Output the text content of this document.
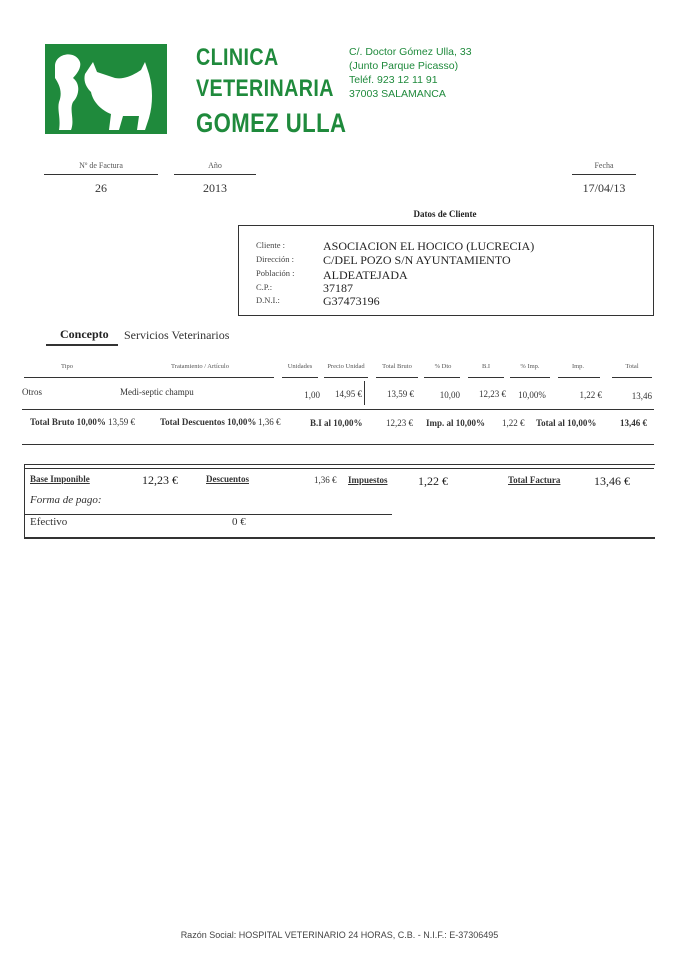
CLINICA
VETERINARIA
GOMEZ ULLA
C/. Doctor Gómez Ulla, 33
(Junto Parque Picasso)
Teléf. 923 12 11 91
37003 SALAMANCA
Nº de Factura
26
Año
2013
Fecha
17/04/13
Datos de Cliente
Cliente :	ASOCIACION EL HOCICO (LUCRECIA)
Dirección : C/DEL POZO S/N AYUNTAMIENTO
Población : ALDEATEJADA
C.P.:	37187
D.N.I.:	G37473196
Concepto Servicios Veterinarios
Tipo	Tratamiento / Artículo	Unidades	Precio Unidad	Total Bruto	% Dto	B.I	% Imp.	Imp.	Total
Otros	Medi-septic champu	1,00	14,95 €	13,59 €	10,00	12,23 €	10,00%	1,22 €	13,46
Total Bruto 10,00% 13,59 €	Total Descuentos 10,00% 1,36 €	B.I al 10,00%	12,23 € Imp. al 10,00% 1,22 € Total al 10,00%	13,46 €
Base Imponible	12,23 €	Descuentos	1,36 € Impuestos	1,22 €	Total Factura	13,46 €
Forma de pago:
Efectivo	0 €
Razón Social: HOSPITAL VETERINARIO 24 HORAS, C.B. - N.I.F.: E-37306495
